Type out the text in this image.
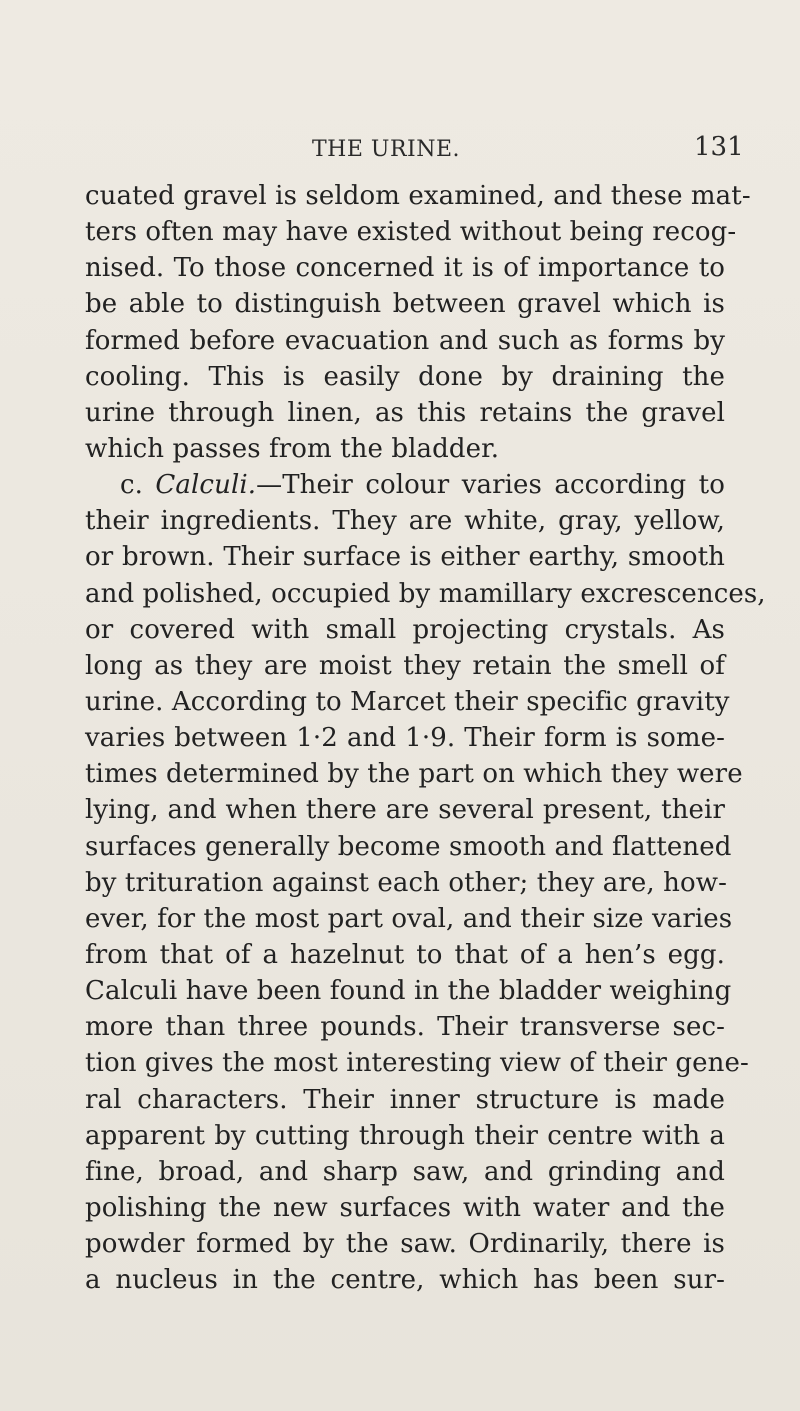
THE URINE.	131
cuated gravel is seldom examined, and these mat-
ters often may have existed without being recog-
nised. To those concerned it is of importance to
be able to distinguish between gravel which is
formed before evacuation and such as forms by
cooling. This is easily done by draining the
urine through linen, as this retains the gravel
which passes from the bladder.
c. Calculi.—Their colour varies according to
their ingredients. They are white, gray, yellow,
or brown. Their surface is either earthy, smooth
and polished, occupied by mamillary excrescences,
or covered with small projecting crystals. As
long as they are moist they retain the smell of
urine. According to Marcet their specific gravity
varies between 1·2 and 1·9. Their form is some-
times determined by the part on which they were
lying, and when there are several present, their
surfaces generally become smooth and flattened
by trituration against each other; they are, how-
ever, for the most part oval, and their size varies
from that of a hazelnut to that of a hen’s egg.
Calculi have been found in the bladder weighing
more than three pounds. Their transverse sec-
tion gives the most interesting view of their gene-
ral characters. Their inner structure is made
apparent by cutting through their centre with a
fine, broad, and sharp saw, and grinding and
polishing the new surfaces with water and the
powder formed by the saw. Ordinarily, there is
a nucleus in the centre, which has been sur-
